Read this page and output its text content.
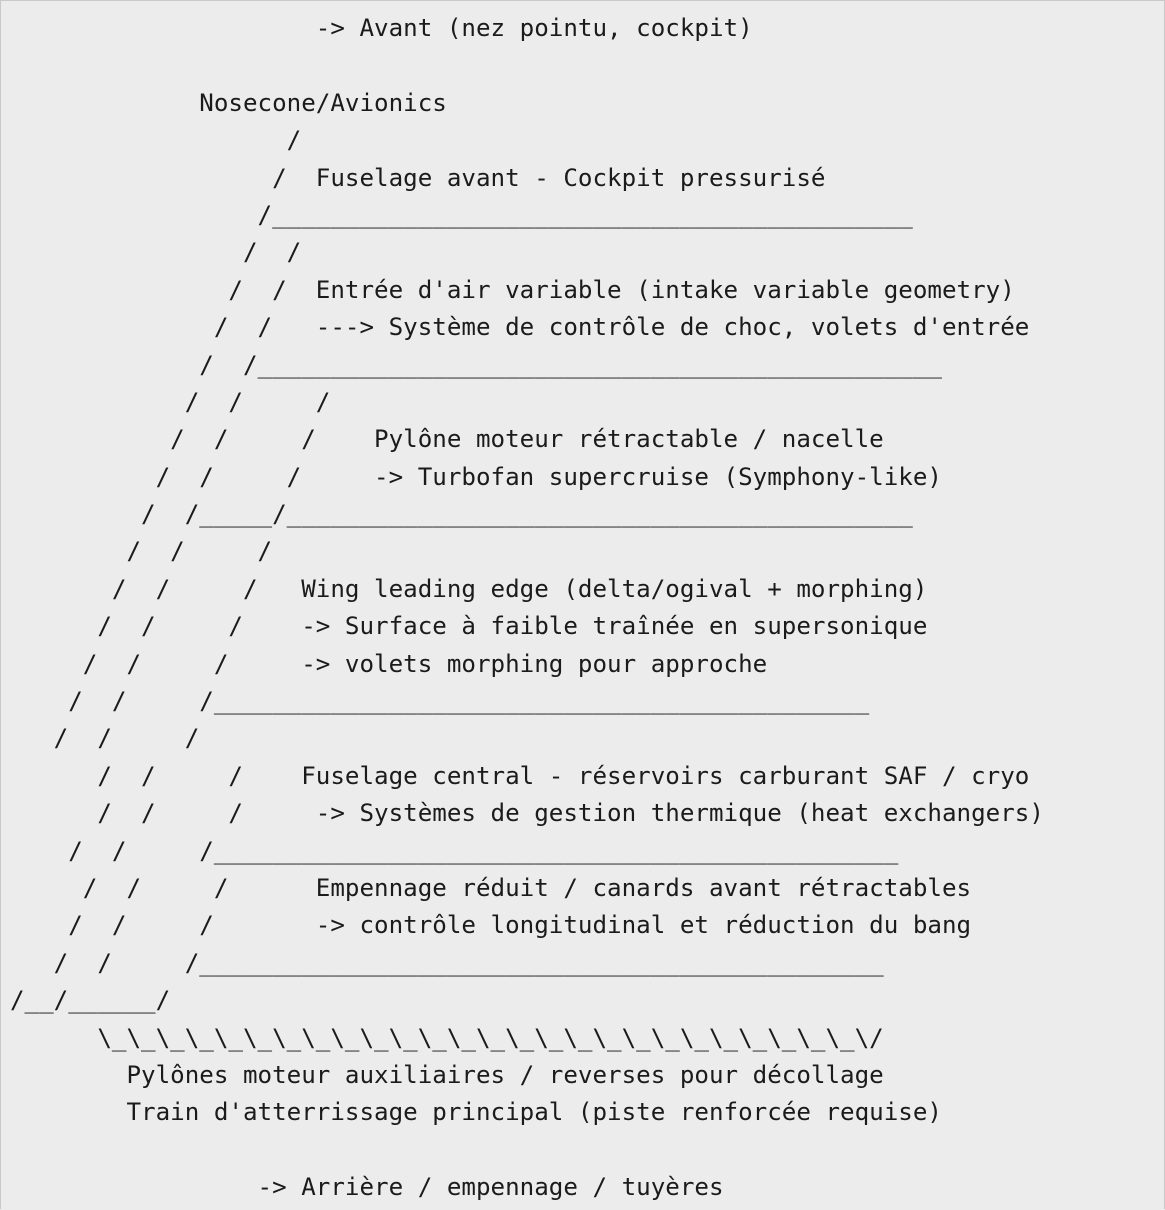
-> Avant (nez pointu, cockpit)

Nosecone/Avionics
/
/  Fuselage avant - Cockpit pressurisé
/____________________________________________
/  /
/  /  Entrée d'air variable (intake variable geometry)
/  /   ---> Système de contrôle de choc, volets d'entrée
/  /_______________________________________________
/  /     /
/  /     /    Pylône moteur rétractable / nacelle
/  /     /     -> Turbofan supercruise (Symphony-like)
/  /_____/___________________________________________
/  /     /
/  /     /   Wing leading edge (delta/ogival + morphing)
/  /     /    -> Surface à faible traînée en supersonique
/  /     /     -> volets morphing pour approche
/  /     /_____________________________________________
/  /     /
/  /     /    Fuselage central - réservoirs carburant SAF / cryo
/  /     /     -> Systèmes de gestion thermique (heat exchangers)
/  /     /_______________________________________________
/  /     /      Empennage réduit / canards avant rétractables
/  /     /       -> contrôle longitudinal et réduction du bang
/  /     /_______________________________________________
/__/______/
\_\_\_\_\_\_\_\_\_\_\_\_\_\_\_\_\_\_\_\_\_\_\_\_\_\_\/
Pylônes moteur auxiliaires / reverses pour décollage
Train d'atterrissage principal (piste renforcée requise)

-> Arrière / empennage / tuyères
